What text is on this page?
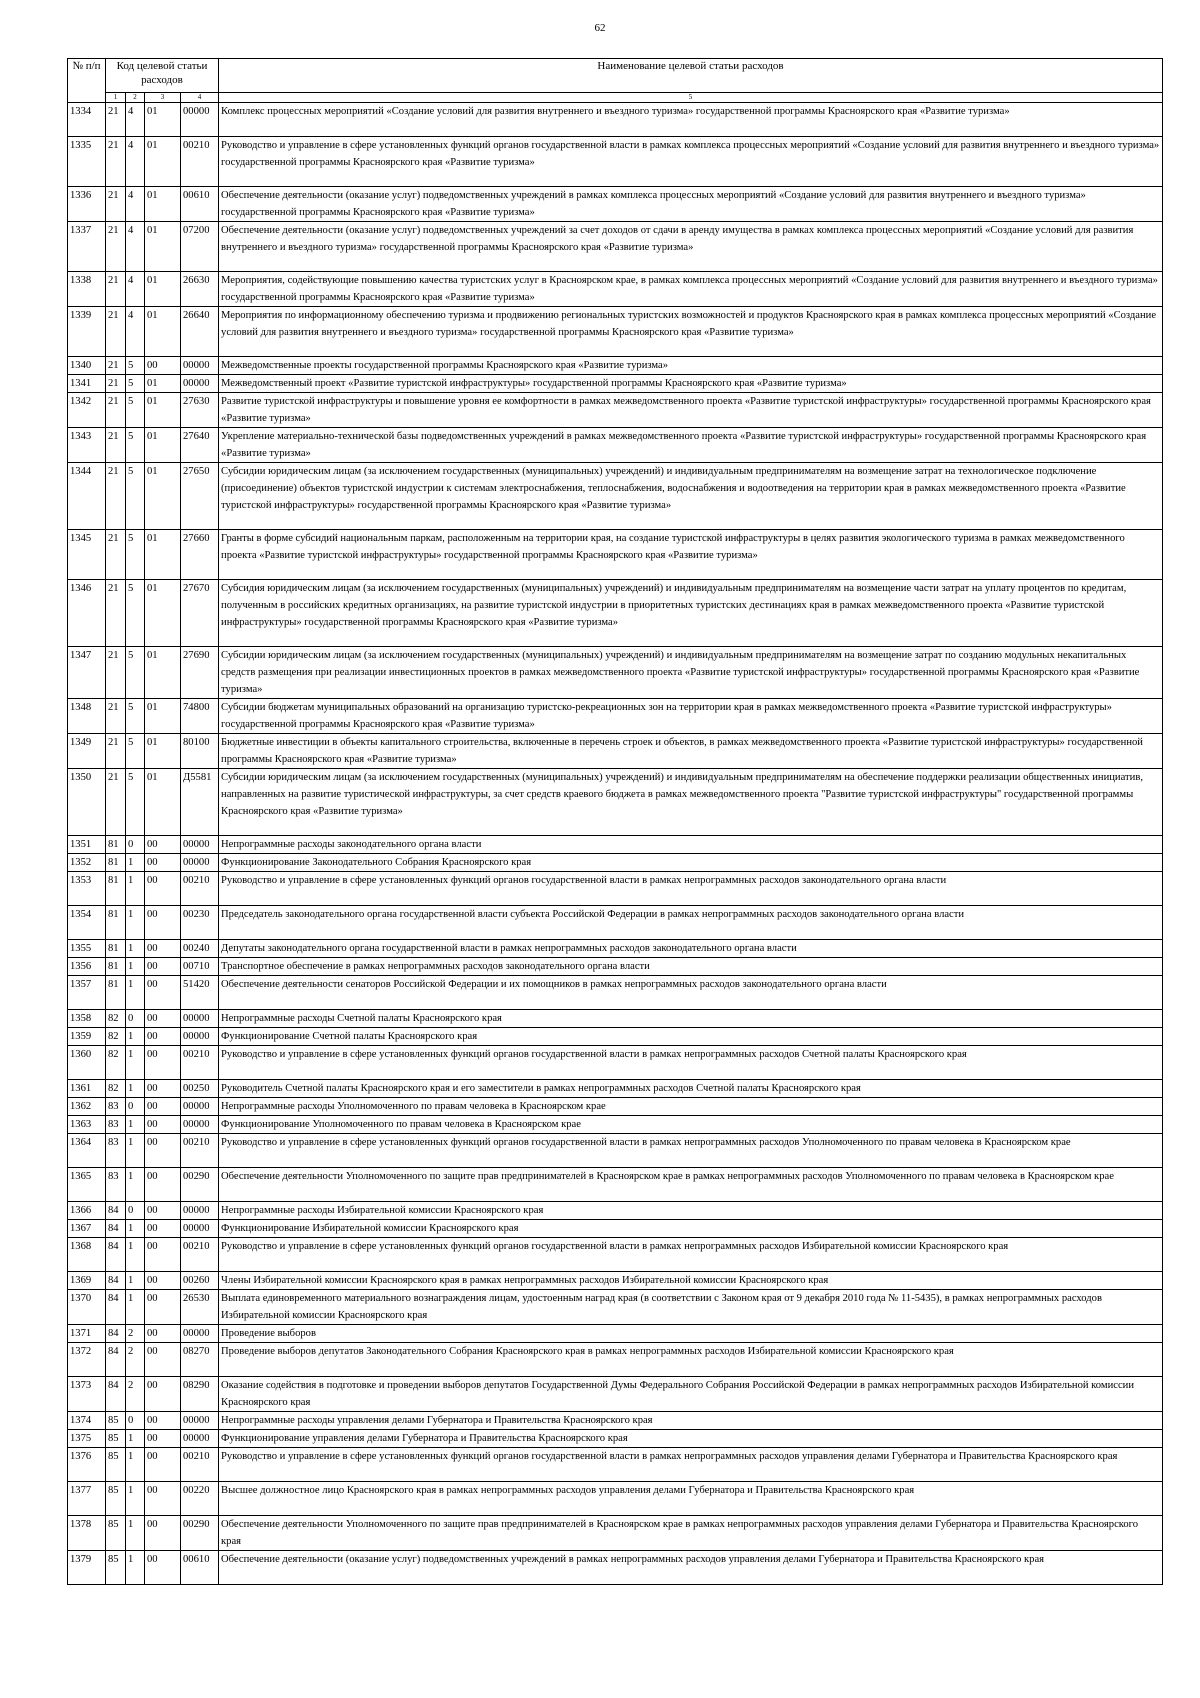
62
№ п/п	Код целевой статьи расходов				Наименование целевой статьи расходов
	1	2	3	4	5
1334	21	4	01	00000	Комплекс процессных мероприятий «Создание условий для развития внутреннего и въездного туризма» государственной программы Красноярского края «Развитие туризма»
1335	21	4	01	00210	Руководство и управление в сфере установленных функций органов государственной власти в рамках комплекса процессных мероприятий «Создание условий для развития внутреннего и въездного туризма» государственной программы Красноярского края «Развитие туризма»
1336	21	4	01	00610	Обеспечение деятельности (оказание услуг) подведомственных учреждений в рамках комплекса процессных мероприятий «Создание условий для развития внутреннего и въездного туризма» государственной программы Красноярского края «Развитие туризма»
1337	21	4	01	07200	Обеспечение деятельности (оказание услуг) подведомственных учреждений за счет доходов от сдачи в аренду имущества в рамках комплекса процессных мероприятий «Создание условий для развития внутреннего и въездного туризма» государственной программы Красноярского края «Развитие туризма»
1338	21	4	01	26630	Мероприятия, содействующие повышению качества туристских услуг в Красноярском крае, в рамках комплекса процессных мероприятий «Создание условий для развития внутреннего и въездного туризма» государственной программы Красноярского края «Развитие туризма»
1339	21	4	01	26640	Мероприятия по информационному обеспечению туризма и продвижению региональных туристских возможностей и продуктов Красноярского края в рамках комплекса процессных мероприятий «Создание условий для развития внутреннего и въездного туризма» государственной программы Красноярского края «Развитие туризма»
1340	21	5	00	00000	Межведомственные проекты государственной программы Красноярского края «Развитие туризма»
1341	21	5	01	00000	Межведомственный проект «Развитие туристской инфраструктуры» государственной программы Красноярского края «Развитие туризма»
1342	21	5	01	27630	Развитие туристской инфраструктуры и повышение уровня ее комфортности в рамках межведомственного проекта «Развитие туристской инфраструктуры» государственной программы Красноярского края «Развитие туризма»
1343	21	5	01	27640	Укрепление материально-технической базы подведомственных учреждений в рамках межведомственного проекта «Развитие туристской инфраструктуры» государственной программы Красноярского края «Развитие туризма»
1344	21	5	01	27650	Субсидии юридическим лицам (за исключением государственных (муниципальных) учреждений) и индивидуальным предпринимателям на возмещение затрат на технологическое подключение (присоединение) объектов туристской индустрии к системам электроснабжения, теплоснабжения, водоснабжения и водоотведения на территории края в рамках межведомственного проекта «Развитие туристской инфраструктуры» государственной программы Красноярского края «Развитие туризма»
1345	21	5	01	27660	Гранты в форме субсидий национальным паркам, расположенным на территории края, на создание туристской инфраструктуры в целях развития экологического туризма в рамках межведомственного проекта «Развитие туристской инфраструктуры» государственной программы Красноярского края «Развитие туризма»
1346	21	5	01	27670	Субсидия юридическим лицам (за исключением государственных (муниципальных) учреждений) и индивидуальным предпринимателям на возмещение части затрат на уплату процентов по кредитам, полученным в российских кредитных организациях, на развитие туристской индустрии в приоритетных туристских дестинациях края в рамках межведомственного проекта «Развитие туристской инфраструктуры» государственной программы Красноярского края «Развитие туризма»
1347	21	5	01	27690	Субсидии юридическим лицам (за исключением государственных (муниципальных) учреждений) и индивидуальным предпринимателям на возмещение затрат по созданию модульных некапитальных средств размещения при реализации инвестиционных проектов в рамках межведомственного проекта «Развитие туристской инфраструктуры» государственной программы Красноярского края «Развитие туризма»
1348	21	5	01	74800	Субсидии бюджетам муниципальных образований на организацию туристско-рекреационных зон на территории края в рамках межведомственного проекта «Развитие туристской инфраструктуры» государственной программы Красноярского края «Развитие туризма»
1349	21	5	01	80100	Бюджетные инвестиции в объекты капитального строительства, включенные в перечень строек и объектов, в рамках межведомственного проекта «Развитие туристской инфраструктуры» государственной программы Красноярского края «Развитие туризма»
1350	21	5	01	Д5581	Субсидии юридическим лицам (за исключением государственных (муниципальных) учреждений) и индивидуальным предпринимателям на обеспечение поддержки реализации общественных инициатив, направленных на развитие туристической инфраструктуры, за счет средств краевого бюджета в рамках межведомственного проекта "Развитие туристской инфраструктуры" государственной программы Красноярского края «Развитие туризма»
1351	81	0	00	00000	Непрограммные расходы законодательного органа власти
1352	81	1	00	00000	Функционирование Законодательного Собрания Красноярского края
1353	81	1	00	00210	Руководство и управление в сфере установленных функций органов государственной власти в рамках непрограммных расходов законодательного органа власти
1354	81	1	00	00230	Председатель законодательного органа государственной власти субъекта Российской Федерации в рамках непрограммных расходов законодательного органа власти
1355	81	1	00	00240	Депутаты законодательного органа государственной власти в рамках непрограммных расходов законодательного органа власти
1356	81	1	00	00710	Транспортное обеспечение в рамках непрограммных расходов законодательного органа власти
1357	81	1	00	51420	Обеспечение деятельности сенаторов Российской Федерации и их помощников в рамках непрограммных расходов законодательного органа власти
1358	82	0	00	00000	Непрограммные расходы Счетной палаты Красноярского края
1359	82	1	00	00000	Функционирование Счетной палаты Красноярского края
1360	82	1	00	00210	Руководство и управление в сфере установленных функций органов государственной власти в рамках непрограммных расходов Счетной палаты Красноярского края
1361	82	1	00	00250	Руководитель Счетной палаты Красноярского края и его заместители в рамках непрограммных расходов Счетной палаты Красноярского края
1362	83	0	00	00000	Непрограммные расходы Уполномоченного по правам человека в Красноярском крае
1363	83	1	00	00000	Функционирование Уполномоченного по правам человека в Красноярском крае
1364	83	1	00	00210	Руководство и управление в сфере установленных функций органов государственной власти в рамках непрограммных расходов Уполномоченного по правам человека в Красноярском крае
1365	83	1	00	00290	Обеспечение деятельности Уполномоченного по защите прав предпринимателей в Красноярском крае в рамках непрограммных расходов Уполномоченного по правам человека в Красноярском крае
1366	84	0	00	00000	Непрограммные расходы Избирательной комиссии Красноярского края
1367	84	1	00	00000	Функционирование Избирательной комиссии Красноярского края
1368	84	1	00	00210	Руководство и управление в сфере установленных функций органов государственной власти в рамках непрограммных расходов Избирательной комиссии Красноярского края
1369	84	1	00	00260	Члены Избирательной комиссии Красноярского края в рамках непрограммных расходов Избирательной комиссии Красноярского края
1370	84	1	00	26530	Выплата единовременного материального вознаграждения лицам, удостоенным наград края (в соответствии с Законом края от 9 декабря 2010 года № 11-5435), в рамках непрограммных расходов Избирательной комиссии Красноярского края
1371	84	2	00	00000	Проведение выборов
1372	84	2	00	08270	Проведение выборов депутатов Законодательного Собрания Красноярского края в рамках непрограммных расходов Избирательной комиссии Красноярского края
1373	84	2	00	08290	Оказание содействия в подготовке и проведении выборов депутатов Государственной Думы Федерального Собрания Российской Федерации в рамках непрограммных расходов Избирательной комиссии Красноярского края
1374	85	0	00	00000	Непрограммные расходы управления делами Губернатора и Правительства Красноярского края
1375	85	1	00	00000	Функционирование управления делами Губернатора и Правительства Красноярского края
1376	85	1	00	00210	Руководство и управление в сфере установленных функций органов государственной власти в рамках непрограммных расходов управления делами Губернатора и Правительства Красноярского края
1377	85	1	00	00220	Высшее должностное лицо Красноярского края в рамках непрограммных расходов управления делами Губернатора и Правительства Красноярского края
1378	85	1	00	00290	Обеспечение деятельности Уполномоченного по защите прав предпринимателей в Красноярском крае в рамках непрограммных расходов управления делами Губернатора и Правительства Красноярского края
1379	85	1	00	00610	Обеспечение деятельности (оказание услуг) подведомственных учреждений в рамках непрограммных расходов управления делами Губернатора и Правительства Красноярского края
